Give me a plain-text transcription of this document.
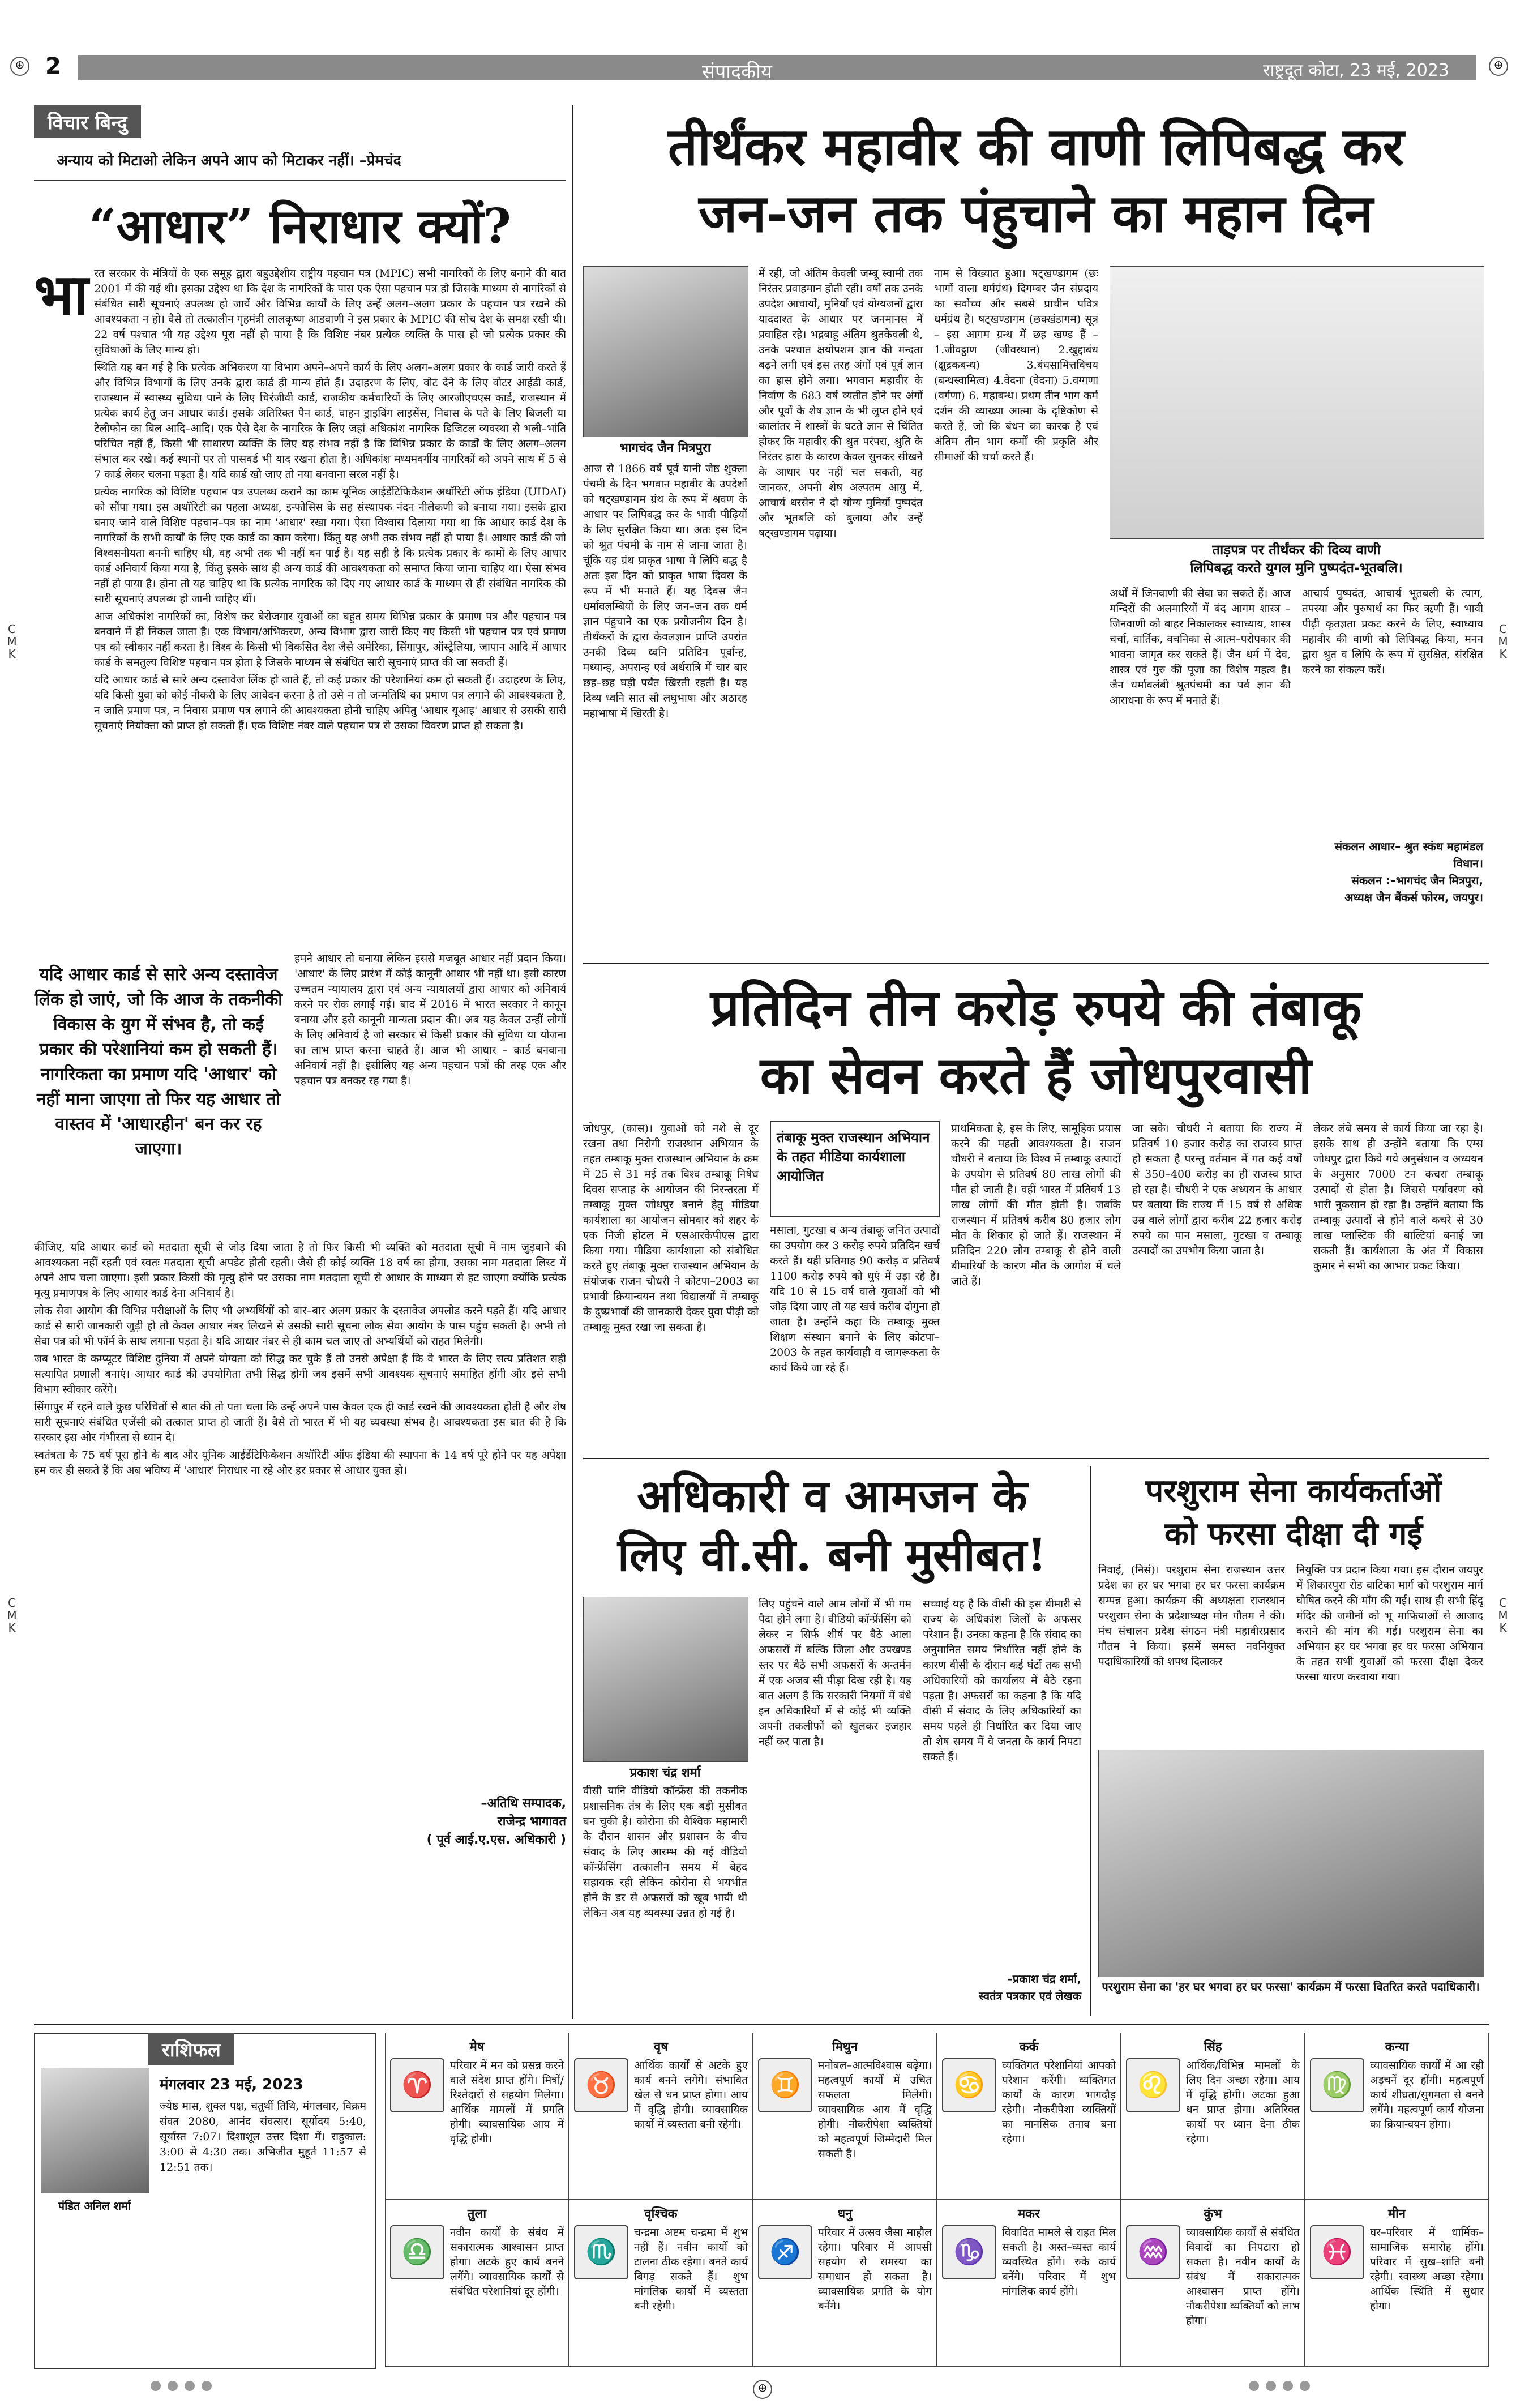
2	संपादकीय	राष्ट्रदूत कोटा, 23 मई, 2023
⊕	⊕
C M K
C M K
C M K
C M K
विचार बिन्दु
अन्याय को मिटाओ लेकिन अपने आप को मिटाकर नहीं। –प्रेमचंद
“आधार” निराधार क्यों?
भा रत सरकार के मंत्रियों के एक समूह द्वारा बहुउद्देशीय राष्ट्रीय पहचान पत्र (MPIC) सभी नागरिकों के लिए बनाने की बात 2001 में की गई थी। इसका उद्देश्य था कि देश के नागरिकों के पास एक ऐसा पहचान पत्र हो जिसके माध्यम से नागरिकों से संबंधित सारी सूचनाएं उपलब्ध हो जायें और विभिन्न कार्यों के लिए उन्हें अलग–अलग प्रकार के पहचान पत्र रखने की आवश्यकता न हो। वैसे तो तत्कालीन गृहमंत्री लालकृष्ण आडवाणी ने इस प्रकार के MPIC की सोच देश के समक्ष रखी थी। 22 वर्ष पश्चात भी यह उद्देश्य पूरा नहीं हो पाया है कि विशिष्ट नंबर प्रत्येक व्यक्ति के पास हो जो प्रत्येक प्रकार की सुविधाओं के लिए मान्य हो।

स्थिति यह बन गई है कि प्रत्येक अभिकरण या विभाग अपने–अपने कार्य के लिए अलग–अलग प्रकार के कार्ड जारी करते हैं और विभिन्न विभागों के लिए उनके द्वारा कार्ड ही मान्य होते हैं। उदाहरण के लिए, वोट देने के लिए वोटर आईडी कार्ड, राजस्थान में स्वास्थ्य सुविधा पाने के लिए चिरंजीवी कार्ड, राजकीय कर्मचारियों के लिए आरजीएचएस कार्ड, राजस्थान में प्रत्येक कार्य हेतु जन आधार कार्ड। इसके अतिरिक्त पैन कार्ड, वाहन ड्राइविंग लाइसेंस, निवास के पते के लिए बिजली या टेलीफोन का बिल आदि–आदि। एक ऐसे देश के नागरिक के लिए जहां अधिकांश नागरिक डिजिटल व्यवस्था से भली–भांति परिचित नहीं हैं, किसी भी साधारण व्यक्ति के लिए यह संभव नहीं है कि विभिन्न प्रकार के कार्डों के लिए अलग–अलग संभाल कर रखे। कई स्थानों पर तो पासवर्ड भी याद रखना होता है। अधिकांश मध्यमवर्गीय नागरिकों को अपने साथ में 5 से 7 कार्ड लेकर चलना पड़ता है। यदि कार्ड खो जाए तो नया बनवाना सरल नहीं है।

प्रत्येक नागरिक को विशिष्ट पहचान पत्र उपलब्ध कराने का काम यूनिक आईडेंटिफिकेशन अथॉरिटी ऑफ इंडिया (UIDAI) को सौंपा गया। इस अथॉरिटी का पहला अध्यक्ष, इन्फोसिस के सह संस्थापक नंदन नीलेकणी को बनाया गया। इसके द्वारा बनाए जाने वाले विशिष्ट पहचान–पत्र का नाम 'आधार' रखा गया। ऐसा विश्वास दिलाया गया था कि आधार कार्ड देश के नागरिकों के सभी कार्यों के लिए एक कार्ड का काम करेगा। किंतु यह अभी तक संभव नहीं हो पाया है। आधार कार्ड की जो विश्वसनीयता बननी चाहिए थी, वह अभी तक भी नहीं बन पाई है। यह सही है कि प्रत्येक प्रकार के कामों के लिए आधार कार्ड अनिवार्य किया गया है, किंतु इसके साथ ही अन्य कार्ड की आवश्यकता को समाप्त किया जाना चाहिए था। ऐसा संभव नहीं हो पाया है। होना तो यह चाहिए था कि प्रत्येक नागरिक को दिए गए आधार कार्ड के माध्यम से ही संबंधित नागरिक की सारी सूचनाएं उपलब्ध हो जानी चाहिए थीं।

आज अधिकांश नागरिकों का, विशेष कर बेरोजगार युवाओं का बहुत समय विभिन्न प्रकार के प्रमाण पत्र और पहचान पत्र बनवाने में ही निकल जाता है। एक विभाग/अभिकरण, अन्य विभाग द्वारा जारी किए गए किसी भी पहचान पत्र एवं प्रमाण पत्र को स्वीकार नहीं करता है। विश्व के किसी भी विकसित देश जैसे अमेरिका, सिंगापुर, ऑस्ट्रेलिया, जापान आदि में आधार कार्ड के समतुल्य विशिष्ट पहचान पत्र होता है जिसके माध्यम से संबंधित सारी सूचनाएं प्राप्त की जा सकती हैं।

यदि आधार कार्ड से सारे अन्य दस्तावेज लिंक हो जाते हैं, तो कई प्रकार की परेशानियां कम हो सकती हैं। उदाहरण के लिए, यदि किसी युवा को कोई नौकरी के लिए आवेदन करना है तो उसे न तो जन्मतिथि का प्रमाण पत्र लगाने की आवश्यकता है, न जाति प्रमाण पत्र, न निवास प्रमाण पत्र लगाने की आवश्यकता होनी चाहिए अपितु 'आधार यूआइ' आधार से उसकी सारी सूचनाएं नियोक्ता को प्राप्त हो सकती हैं। एक विशिष्ट नंबर वाले पहचान पत्र से उसका विवरण प्राप्त हो सकता है।

यदि आधार कार्ड से सारे अन्य दस्तावेज लिंक हो जाएं, जो कि आज के तकनीकी विकास के युग में संभव है, तो कई प्रकार की परेशानियां कम हो सकती हैं। नागरिकता का प्रमाण यदि 'आधार' को नहीं माना जाएगा तो फिर यह आधार तो वास्तव में 'आधारहीन' बन कर रह जाएगा।

हमने आधार तो बनाया लेकिन इससे मजबूत आधार नहीं प्रदान किया। 'आधार' के लिए प्रारंभ में कोई कानूनी आधार भी नहीं था। इसी कारण उच्चतम न्यायालय द्वारा एवं अन्य न्यायालयों द्वारा आधार को अनिवार्य करने पर रोक लगाई गई। बाद में 2016 में भारत सरकार ने कानून बनाया और इसे कानूनी मान्यता प्रदान की। अब यह केवल उन्हीं लोगों के लिए अनिवार्य है जो सरकार से किसी प्रकार की सुविधा या योजना का लाभ प्राप्त करना चाहते हैं। आज भी आधार – कार्ड बनवाना अनिवार्य नहीं है। इसीलिए यह अन्य पहचान पत्रों की तरह एक और पहचान पत्र बनकर रह गया है।

कीजिए, यदि आधार कार्ड को मतदाता सूची से जोड़ दिया जाता है तो फिर किसी भी व्यक्ति को मतदाता सूची में नाम जुड़वाने की आवश्यकता नहीं रहती एवं स्वतः मतदाता सूची अपडेट होती रहती। जैसे ही कोई व्यक्ति 18 वर्ष का होगा, उसका नाम मतदाता लिस्ट में अपने आप चला जाएगा। इसी प्रकार किसी की मृत्यु होने पर उसका नाम मतदाता सूची से आधार के माध्यम से हट जाएगा क्योंकि प्रत्येक मृत्यु प्रमाणपत्र के लिए आधार कार्ड देना अनिवार्य है।

लोक सेवा आयोग की विभिन्न परीक्षाओं के लिए भी अभ्यर्थियों को बार–बार अलग प्रकार के दस्तावेज अपलोड करने पड़ते हैं। यदि आधार कार्ड से सारी जानकारी जुड़ी हो तो केवल आधार नंबर लिखने से उसकी सारी सूचना लोक सेवा आयोग के पास पहुंच सकती है। अभी तो सेवा पत्र को भी फॉर्म के साथ लगाना पड़ता है। यदि आधार नंबर से ही काम चल जाए तो अभ्यर्थियों को राहत मिलेगी।

जब भारत के कम्प्यूटर विशिष्ट दुनिया में अपने योग्यता को सिद्ध कर चुके हैं तो उनसे अपेक्षा है कि वे भारत के लिए सत्य प्रतिशत सही सत्यापित प्रणाली बनाएं। आधार कार्ड की उपयोगिता तभी सिद्ध होगी जब इसमें सभी आवश्यक सूचनाएं समाहित होंगी और इसे सभी विभाग स्वीकार करेंगे।

सिंगापुर में रहने वाले कुछ परिचितों से बात की तो पता चला कि उन्हें अपने पास केवल एक ही कार्ड रखने की आवश्यकता होती है और शेष सारी सूचनाएं संबंधित एजेंसी को तत्काल प्राप्त हो जाती हैं। वैसे तो भारत में भी यह व्यवस्था संभव है। आवश्यकता इस बात की है कि सरकार इस ओर गंभीरता से ध्यान दे।

स्वतंत्रता के 75 वर्ष पूरा होने के बाद और यूनिक आईडेंटिफिकेशन अथॉरिटी ऑफ इंडिया की स्थापना के 14 वर्ष पूरे होने पर यह अपेक्षा हम कर ही सकते हैं कि अब भविष्य में 'आधार' निराधार ना रहे और हर प्रकार से आधार युक्त हो।

–अतिथि सम्पादक,
राजेन्द्र भागावत
( पूर्व आई.ए.एस. अधिकारी )
तीर्थंकर महावीर की वाणी लिपिबद्ध कर
जन-जन तक पंहुचाने का महान दिन
भागचंद जैन मित्रपुरा
आज से 1866 वर्ष पूर्व यानी जेष्ठ शुक्ला पंचमी के दिन भगवान महावीर के उपदेशों को षट्खण्डागम ग्रंथ के रूप में श्रवण के आधार पर लिपिबद्ध कर के भावी पीढ़ियों के लिए सुरक्षित किया था। अतः इस दिन को श्रुत पंचमी के नाम से जाना जाता है। चूंकि यह ग्रंथ प्राकृत भाषा में लिपि बद्ध है अतः इस दिन को प्राकृत भाषा दिवस के रूप में भी मनाते हैं। यह दिवस जैन धर्मावलम्बियों के लिए जन–जन तक धर्म ज्ञान पंहुचाने का एक प्रयोजनीय दिन है। तीर्थंकरों के द्वारा केवलज्ञान प्राप्ति उपरांत उनकी दिव्य ध्वनि प्रतिदिन पूर्वान्ह, मध्यान्ह, अपरान्ह एवं अर्धरात्रि में चार बार छह–छह घड़ी पर्यंत खिरती रहती है। यह दिव्य ध्वनि सात सौ लघुभाषा और अठारह महाभाषा में खिरती है।
में रही, जो अंतिम केवली जम्बू स्वामी तक निरंतर प्रवाहमान होती रही। वर्षों तक उनके उपदेश आचार्यों, मुनियों एवं योग्यजनों द्वारा याददाश्त के आधार पर जनमानस में प्रवाहित रहे। भद्रबाहु अंतिम श्रुतकेवली थे, उनके पश्चात क्षयोपशम ज्ञान की मन्दता बढ़ने लगी एवं इस तरह अंगों एवं पूर्व ज्ञान का ह्रास होने लगा। भगवान महावीर के निर्वाण के 683 वर्ष व्यतीत होने पर अंगों और पूर्वों के शेष ज्ञान के भी लुप्त होने एवं कालांतर में शास्त्रों के घटते ज्ञान से चिंतित होकर कि महावीर की श्रुत परंपरा, श्रुति के निरंतर ह्रास के कारण केवल सुनकर सीखने के आधार पर नहीं चल सकती, यह जानकर, अपनी शेष अल्पतम आयु में, आचार्य धरसेन ने दो योग्य मुनियों पुष्पदंत और भूतबलि को बुलाया और उन्हें षट्खण्डागम पढ़ाया।
नाम से विख्यात हुआ। षट्खण्डागम (छः भागों वाला धर्मग्रंथ) दिगम्बर जैन संप्रदाय का सर्वोच्च और सबसे प्राचीन पवित्र धर्मग्रंथ है। षट्खण्डागम (छक्खंडागम) सूत्र – इस आगम ग्रन्थ में छह खण्ड हैं – 1.जीवट्ठाण (जीवस्थान) 2.खुद्दाबंध (क्षुद्रकबन्ध) 3.बंधसामित्तविचय (बन्धस्वामित्व) 4.वेदना (वेदना) 5.वग्गणा (वर्गणा) 6. महाबन्ध। प्रथम तीन भाग कर्म दर्शन की व्याख्या आत्मा के दृष्टिकोण से करते हैं, जो कि बंधन का कारक है एवं अंतिम तीन भाग कर्मों की प्रकृति और सीमाओं की चर्चा करते हैं।
ताड़पत्र पर तीर्थंकर की दिव्य वाणी
लिपिबद्ध करते युगल मुनि पुष्पदंत-भूतबलि।
अर्थों में जिनवाणी की सेवा का सकते हैं। आज मन्दिरों की अलमारियों में बंद आगम शास्त्र – जिनवाणी को बाहर निकालकर स्वाध्याय, शास्त्र चर्चा, वार्तिक, वचनिका से आत्म–परोपकार की भावना जागृत कर सकते हैं। जैन धर्म में देव, शास्त्र एवं गुरु की पूजा का विशेष महत्व है। जैन धर्मावलंबी श्रुतपंचमी का पर्व ज्ञान की आराधना के रूप में मनाते हैं।
आचार्य पुष्पदंत, आचार्य भूतबली के त्याग, तपस्या और पुरुषार्थ का फिर ऋणी हैं। भावी पीढ़ी कृतज्ञता प्रकट करने के लिए, स्वाध्याय महावीर की वाणी को लिपिबद्ध किया, मनन द्वारा श्रुत व लिपि के रूप में सुरक्षित, संरक्षित करने का संकल्प करें।
संकलन आधार– श्रुत स्कंध महामंडल विधान।
संकलन :–भागचंद जैन मित्रपुरा,
अध्यक्ष जैन बैंकर्स फोरम, जयपुर।
प्रतिदिन तीन करोड़ रुपये की तंबाकू
का सेवन करते हैं जोधपुरवासी
जोधपुर, (कास)। युवाओं को नशे से दूर रखना तथा निरोगी राजस्थान अभियान के तहत तम्बाकू मुक्त राजस्थान अभियान के क्रम में 25 से 31 मई तक विश्व तम्बाकू निषेध दिवस सप्ताह के आयोजन की निरन्तरता में तम्बाकू मुक्त जोधपुर बनाने हेतु मीडिया कार्यशाला का आयोजन सोमवार को शहर के एक निजी होटल में एसआरकेपीएस द्वारा किया गया। मीडिया कार्यशाला को संबोधित करते हुए तंबाकू मुक्त राजस्थान अभियान के संयोजक राजन चौधरी ने कोटपा–2003 का प्रभावी क्रियान्वयन तथा विद्यालयों में तम्बाकू के दुष्प्रभावों की जानकारी देकर युवा पीढ़ी को तम्बाकू मुक्त रखा जा सकता है।
तंबाकू मुक्त राजस्थान अभियान के तहत मीडिया कार्यशाला आयोजित
मसाला, गुटखा व अन्य तंबाकू जनित उत्पादों का उपयोग कर 3 करोड़ रुपये प्रतिदिन खर्च करते हैं। यही प्रतिमाह 90 करोड़ व प्रतिवर्ष 1100 करोड़ रुपये को धुएं में उड़ा रहे हैं। यदि 10 से 15 वर्ष वाले युवाओं को भी जोड़ दिया जाए तो यह खर्च करीब दोगुना हो जाता है। उन्होंने कहा कि तम्बाकू मुक्त शिक्षण संस्थान बनाने के लिए कोटपा–2003 के तहत कार्यवाही व जागरूकता के कार्य किये जा रहे हैं।
प्राथमिकता है, इस के लिए, सामूहिक प्रयास करने की महती आवश्यकता है। राजन चौधरी ने बताया कि विश्व में तम्बाकू उत्पादों के उपयोग से प्रतिवर्ष 80 लाख लोगों की मौत हो जाती है। वहीं भारत में प्रतिवर्ष 13 लाख लोगों की मौत होती है। जबकि राजस्थान में प्रतिवर्ष करीब 80 हजार लोग मौत के शिकार हो जाते हैं। राजस्थान में प्रतिदिन 220 लोग तम्बाकू से होने वाली बीमारियों के कारण मौत के आगोश में चले जाते हैं।
जा सके। चौधरी ने बताया कि राज्य में प्रतिवर्ष 10 हजार करोड़ का राजस्व प्राप्त हो सकता है परन्तु वर्तमान में गत कई वर्षों से 350–400 करोड़ का ही राजस्व प्राप्त हो रहा है। चौधरी ने एक अध्ययन के आधार पर बताया कि राज्य में 15 वर्ष से अधिक उम्र वाले लोगों द्वारा करीब 22 हजार करोड़ रुपये का पान मसाला, गुटखा व तम्बाकू उत्पादों का उपभोग किया जाता है।
लेकर लंबे समय से कार्य किया जा रहा है। इसके साथ ही उन्होंने बताया कि एम्स जोधपुर द्वारा किये गये अनुसंधान व अध्ययन के अनुसार 7000 टन कचरा तम्बाकू उत्पादों से होता है। जिससे पर्यावरण को भारी नुकसान हो रहा है। उन्होंने बताया कि तम्बाकू उत्पादों से होने वाले कचरे से 30 लाख प्लास्टिक की बाल्टियां बनाई जा सकती हैं। कार्यशाला के अंत में विकास कुमार ने सभी का आभार प्रकट किया।
अधिकारी व आमजन के
लिए वी.सी. बनी मुसीबत!
प्रकाश चंद्र शर्मा
वीसी यानि वीडियो कॉन्फ्रेंस की तकनीक प्रशासनिक तंत्र के लिए एक बड़ी मुसीबत बन चुकी है। कोरोना की वैश्विक महामारी के दौरान शासन और प्रशासन के बीच संवाद के लिए आरम्भ की गई वीडियो कॉन्फ्रेंसिंग तत्कालीन समय में बेहद सहायक रही लेकिन कोरोना से भयभीत होने के डर से अफसरों को खूब भायी थी लेकिन अब यह व्यवस्था उन्नत हो गई है।
लिए पहुंचने वाले आम लोगों में भी गम पैदा होने लगा है। वीडियो कॉन्फ्रेंसिंग को लेकर न सिर्फ शीर्ष पर बैठे आला अफसरों में बल्कि जिला और उपखण्ड स्तर पर बैठे सभी अफसरों के अन्तर्मन में एक अजब सी पीड़ा दिख रही है। यह बात अलग है कि सरकारी नियमों में बंधे इन अधिकारियों में से कोई भी व्यक्ति अपनी तकलीफों को खुलकर इजहार नहीं कर पाता है।
सच्चाई यह है कि वीसी की इस बीमारी से राज्य के अधिकांश जिलों के अफसर परेशान हैं। उनका कहना है कि संवाद का अनुमानित समय निर्धारित नहीं होने के कारण वीसी के दौरान कई घंटों तक सभी अधिकारियों को कार्यालय में बैठे रहना पड़ता है। अफसरों का कहना है कि यदि वीसी में संवाद के लिए अधिकारियों का समय पहले ही निर्धारित कर दिया जाए तो शेष समय में वे जनता के कार्य निपटा सकते हैं।
–प्रकाश चंद्र शर्मा,
स्वतंत्र पत्रकार एवं लेखक
परशुराम सेना कार्यकर्ताओं
को फरसा दीक्षा दी गई
निवाई, (निसं)। परशुराम सेना राजस्थान उत्तर प्रदेश का हर घर भगवा हर घर फरसा कार्यक्रम सम्पन्न हुआ। कार्यक्रम की अध्यक्षता राजस्थान परशुराम सेना के प्रदेशाध्यक्ष मोन गौतम ने की। मंच संचालन प्रदेश संगठन मंत्री महावीरप्रसाद गौतम ने किया। इसमें समस्त नवनियुक्त पदाधिकारियों को शपथ दिलाकर
नियुक्ति पत्र प्रदान किया गया। इस दौरान जयपुर में शिकारपुरा रोड वाटिका मार्ग को परशुराम मार्ग घोषित करने की माँग की गई। साथ ही सभी हिंदू मंदिर की जमीनों को भू माफियाओं से आजाद कराने की मांग की गई। परशुराम सेना का अभियान हर घर भगवा हर घर फरसा अभियान के तहत सभी युवाओं को फरसा दीक्षा देकर फरसा धारण करवाया गया।
परशुराम सेना का 'हर घर भगवा हर घर फरसा' कार्यक्रम में फरसा वितरित करते पदाधिकारी।
राशिफल
पंडित अनिल शर्मा
मंगलवार 23 मई, 2023
ज्येष्ठ मास, शुक्ल पक्ष, चतुर्थी तिथि, मंगलवार, विक्रम संवत 2080, आनंद संवत्सर। सूर्योदय 5:40, सूर्यास्त 7:07। दिशाशूल उत्तर दिशा में। राहुकाल: 3:00 से 4:30 तक। अभिजीत मुहूर्त 11:57 से 12:51 तक।
मेष
♈
परिवार में मन को प्रसन्न करने वाले संदेश प्राप्त होंगे। मित्रों/रिश्तेदारों से सहयोग मिलेगा। आर्थिक मामलों में प्रगति होगी। व्यावसायिक आय में वृद्धि होगी।
वृष
♉
आर्थिक कार्यों से अटके हुए कार्य बनने लगेंगे। संभावित खेल से धन प्राप्त होगा। आय में वृद्धि होगी। व्यावसायिक कार्यों में व्यस्तता बनी रहेगी।
मिथुन
♊
मनोबल–आत्मविश्वास बढ़ेगा। महत्वपूर्ण कार्यों में उचित सफलता मिलेगी। व्यावसायिक आय में वृद्धि होगी। नौकरीपेशा व्यक्तियों को महत्वपूर्ण जिम्मेदारी मिल सकती है।
कर्क
♋
व्यक्तिगत परेशानियां आपको परेशान करेंगी। व्यक्तिगत कार्यों के कारण भागदौड़ रहेगी। नौकरीपेशा व्यक्तियों का मानसिक तनाव बना रहेगा।
सिंह
♌
आर्थिक/विभिन्न मामलों के लिए दिन अच्छा रहेगा। आय में वृद्धि होगी। अटका हुआ धन प्राप्त होगा। अतिरिक्त कार्यों पर ध्यान देना ठीक रहेगा।
कन्या
♍
व्यावसायिक कार्यों में आ रही अड़चनें दूर होंगी। महत्वपूर्ण कार्य शीघ्रता/सुगमता से बनने लगेंगे। महत्वपूर्ण कार्य योजना का क्रियान्वयन होगा।
तुला
♎
नवीन कार्यों के संबंध में सकारात्मक आश्वासन प्राप्त होगा। अटके हुए कार्य बनने लगेंगे। व्यावसायिक कार्यों से संबंधित परेशानियां दूर होंगी।
वृश्चिक
♏
चन्द्रमा अष्टम चन्द्रमा में शुभ नहीं हैं। नवीन कार्यों को टालना ठीक रहेगा। बनते कार्य बिगड़ सकते हैं। शुभ मांगलिक कार्यों में व्यस्तता बनी रहेगी।
धनु
♐
परिवार में उत्सव जैसा माहौल रहेगा। परिवार में आपसी सहयोग से समस्या का समाधान हो सकता है। व्यावसायिक प्रगति के योग बनेंगे।
मकर
♑
विवादित मामले से राहत मिल सकती है। अस्त–व्यस्त कार्य व्यवस्थित होंगे। रुके कार्य बनेंगे। परिवार में शुभ मांगलिक कार्य होंगे।
कुंभ
♒
व्यावसायिक कार्यों से संबंधित विवादों का निपटारा हो सकता है। नवीन कार्यों के संबंध में सकारात्मक आश्वासन प्राप्त होंगे। नौकरीपेशा व्यक्तियों को लाभ होगा।
मीन
♓
घर–परिवार में धार्मिक–सामाजिक समारोह होंगे। परिवार में सुख–शांति बनी रहेगी। स्वास्थ्य अच्छा रहेगा। आर्थिक स्थिति में सुधार होगा।
⊕
